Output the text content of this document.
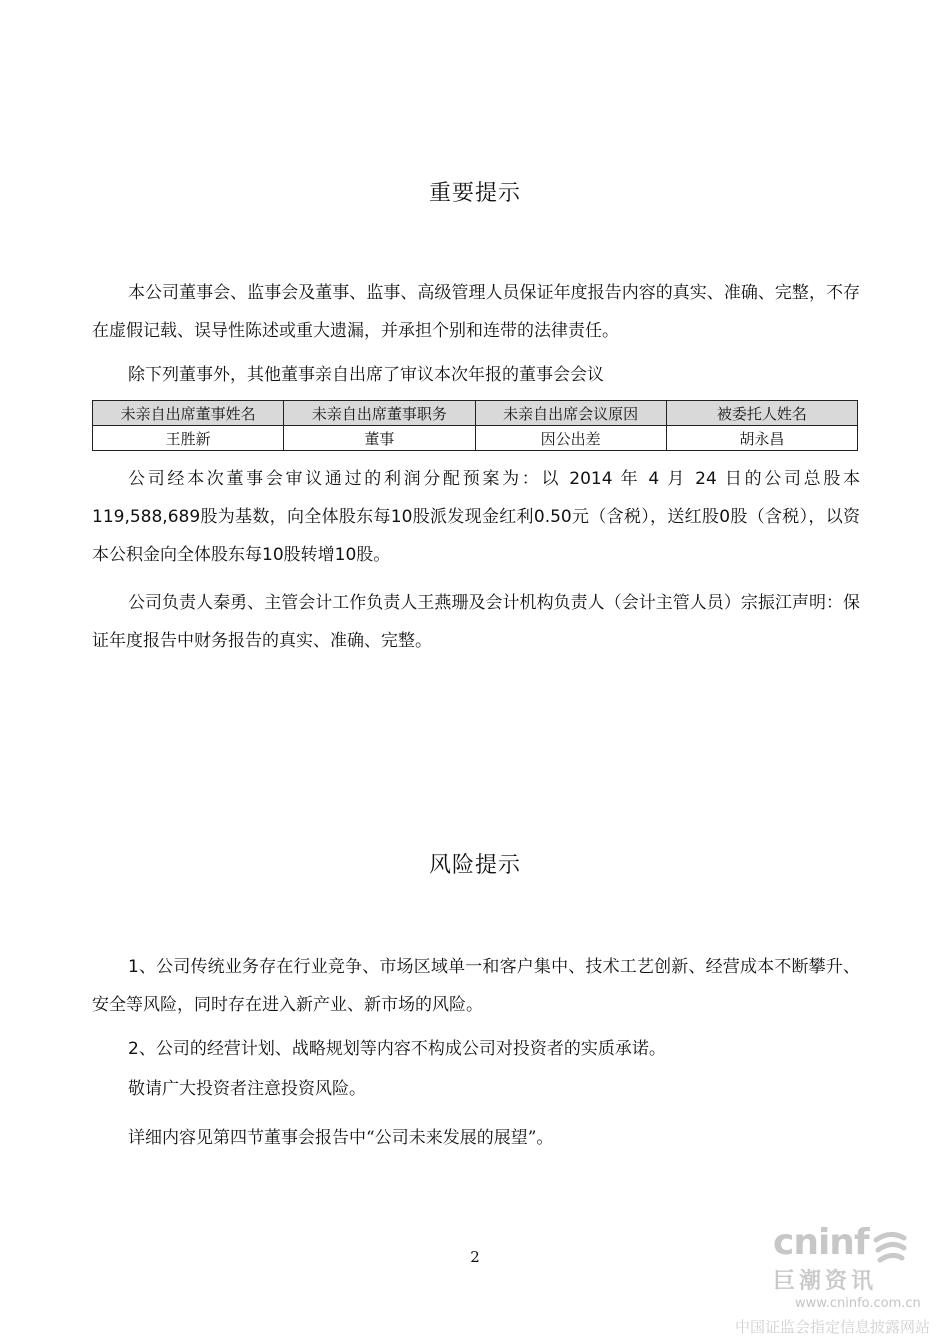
重要提示

本公司董事会、监事会及董事、监事、高级管理人员保证年度报告内容的真实、准确、完整，不存在虚假记载、误导性陈述或重大遗漏，并承担个别和连带的法律责任。

除下列董事外，其他董事亲自出席了审议本次年报的董事会会议

未亲自出席董事姓名	未亲自出席董事职务	未亲自出席会议原因	被委托人姓名
王胜新	董事	因公出差	胡永昌

公司经本次董事会审议通过的利润分配预案为：以 2014 年 4 月 24 日的公司总股本119,588,689股为基数，向全体股东每10股派发现金红利0.50元（含税），送红股0股（含税），以资本公积金向全体股东每10股转增10股。

公司负责人秦勇、主管会计工作负责人王燕珊及会计机构负责人（会计主管人员）宗振江声明：保证年度报告中财务报告的真实、准确、完整。

风险提示

1、公司传统业务存在行业竞争、市场区域单一和客户集中、技术工艺创新、经营成本不断攀升、安全等风险，同时存在进入新产业、新市场的风险。

2、公司的经营计划、战略规划等内容不构成公司对投资者的实质承诺。

敬请广大投资者注意投资风险。

详细内容见第四节董事会报告中“公司未来发展的展望”。

2	cninf
巨潮资讯
www.cninfo.com.cn
中国证监会指定信息披露网站
